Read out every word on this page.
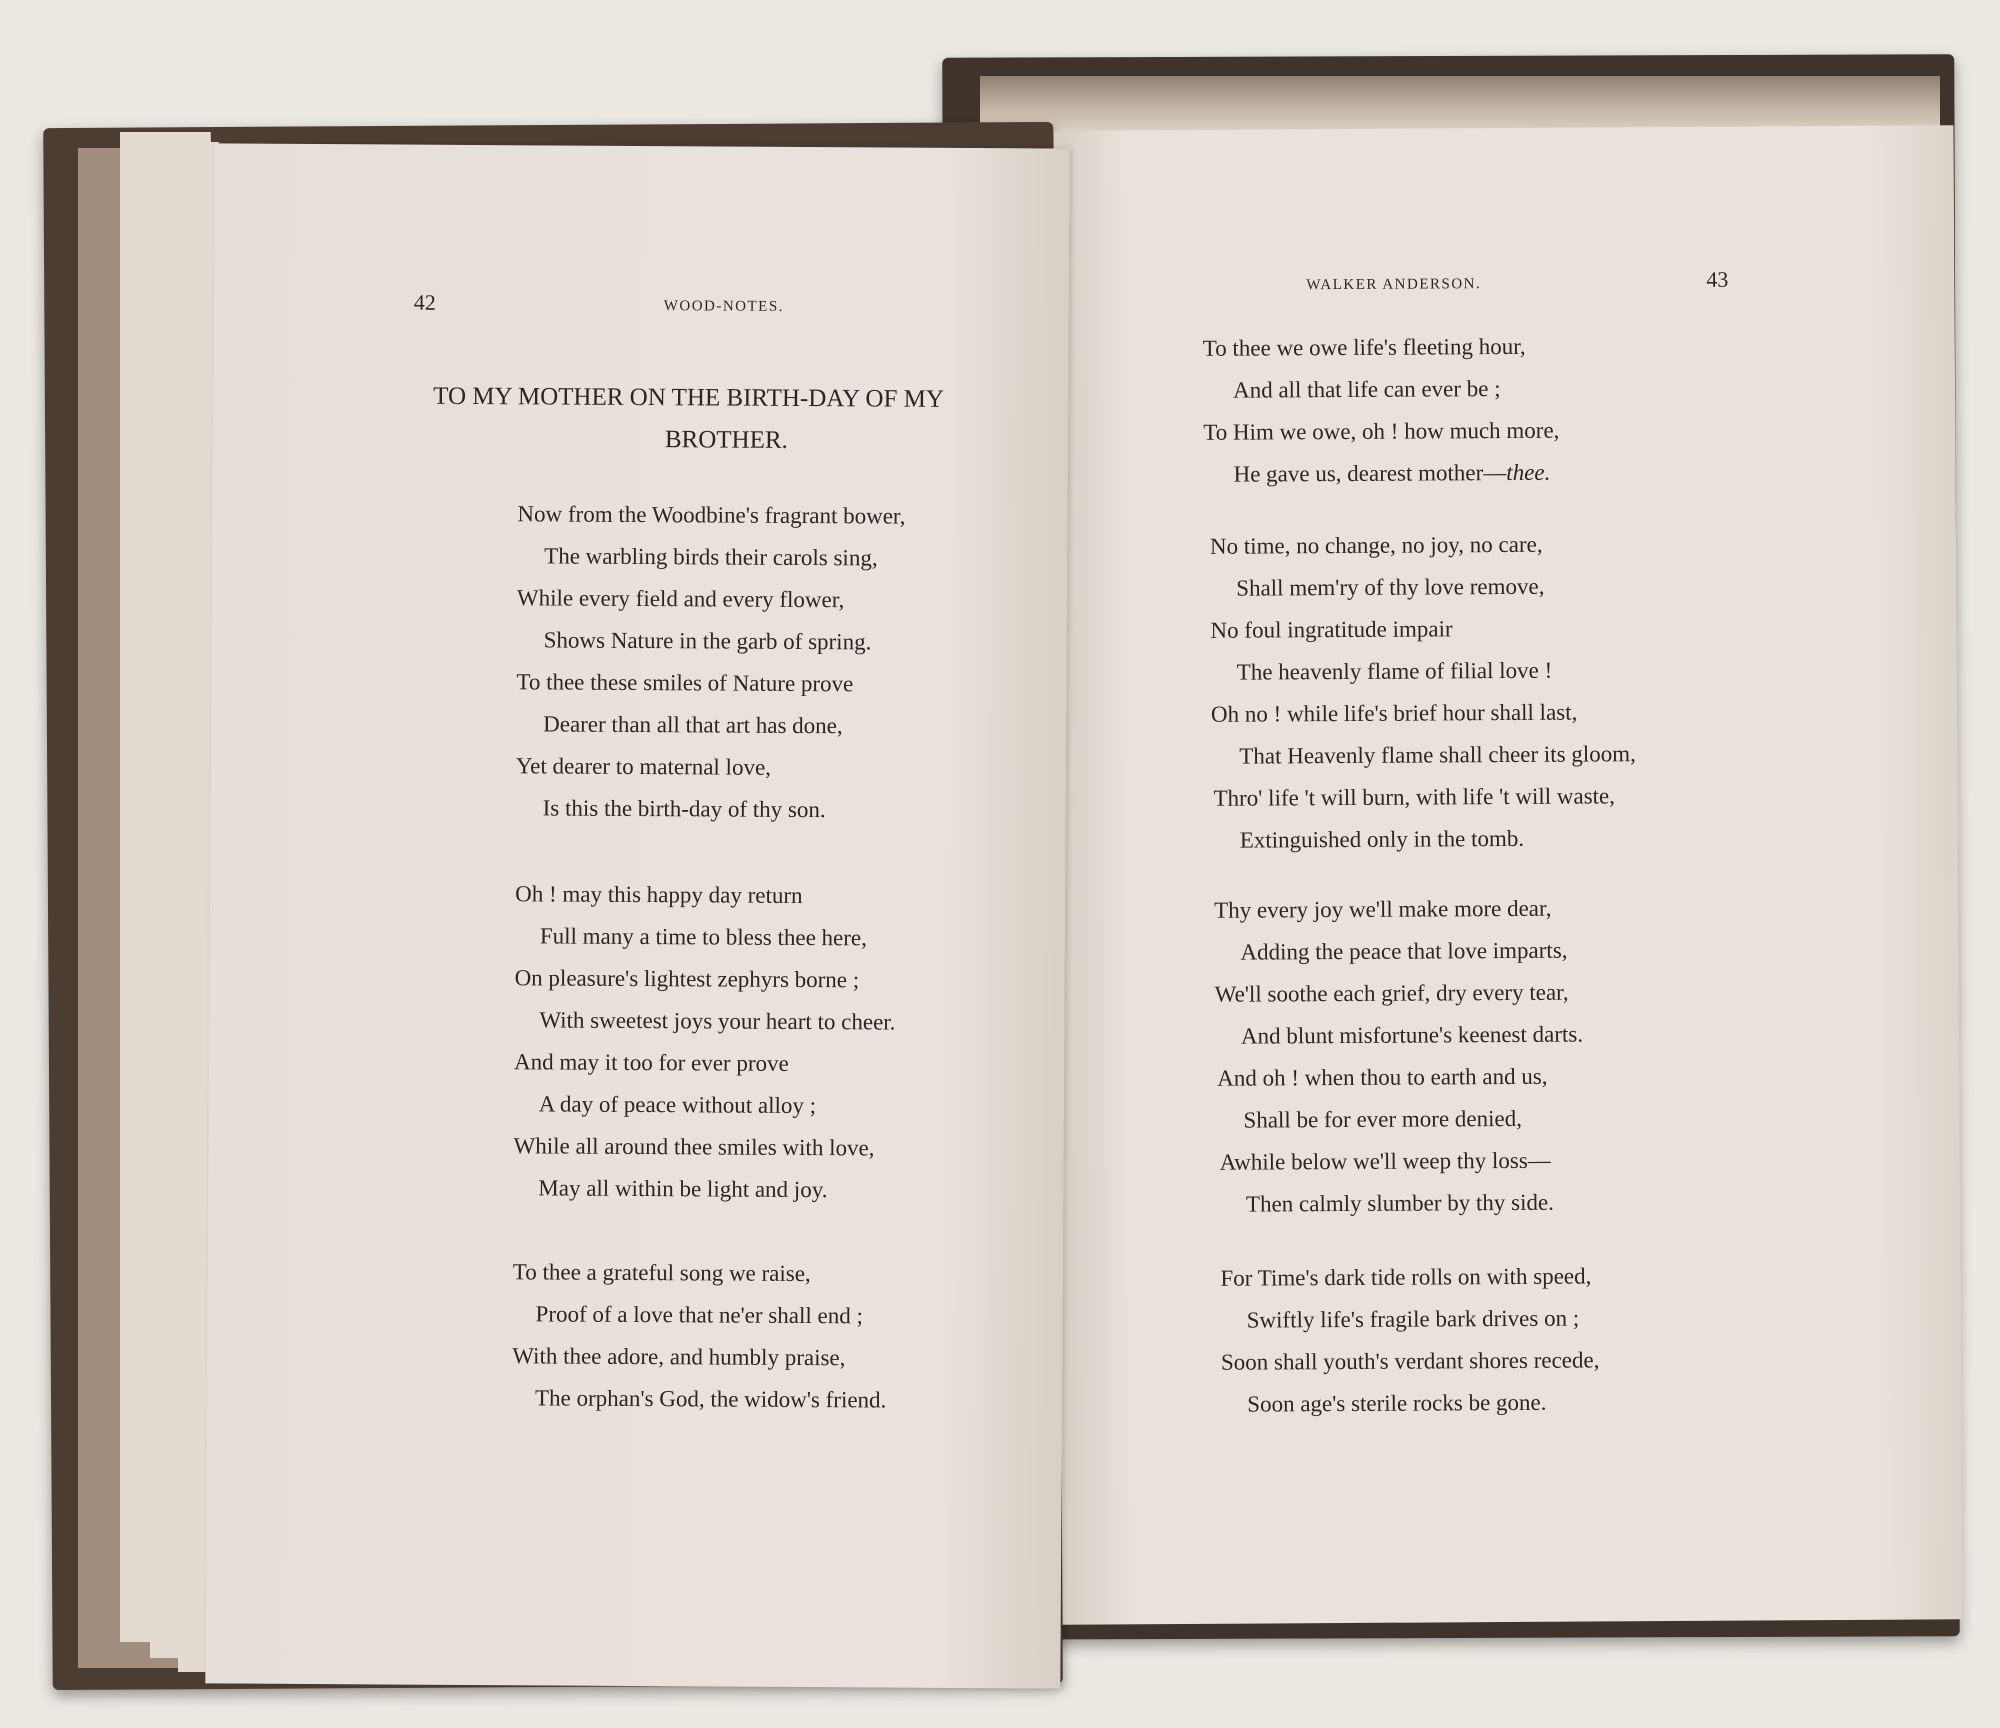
WALKER ANDERSON.	43
To thee we owe life's fleeting hour,
And all that life can ever be ;
To Him we owe, oh ! how much more,
He gave us, dearest mother—thee.
No time, no change, no joy, no care,
Shall mem'ry of thy love remove,
No foul ingratitude impair
The heavenly flame of filial love !
Oh no ! while life's brief hour shall last,
That Heavenly flame shall cheer its gloom,
Thro' life 't will burn, with life 't will waste,
Extinguished only in the tomb.
Thy every joy we'll make more dear,
Adding the peace that love imparts,
We'll soothe each grief, dry every tear,
And blunt misfortune's keenest darts.
And oh ! when thou to earth and us,
Shall be for ever more denied,
Awhile below we'll weep thy loss—
Then calmly slumber by thy side.
For Time's dark tide rolls on with speed,
Swiftly life's fragile bark drives on ;
Soon shall youth's verdant shores recede,
Soon age's sterile rocks be gone.
42	WOOD-NOTES.
TO MY MOTHER ON THE BIRTH-DAY OF MY
BROTHER.
Now from the Woodbine's fragrant bower,
The warbling birds their carols sing,
While every field and every flower,
Shows Nature in the garb of spring.
To thee these smiles of Nature prove
Dearer than all that art has done,
Yet dearer to maternal love,
Is this the birth-day of thy son.
Oh ! may this happy day return
Full many a time to bless thee here,
On pleasure's lightest zephyrs borne ;
With sweetest joys your heart to cheer.
And may it too for ever prove
A day of peace without alloy ;
While all around thee smiles with love,
May all within be light and joy.
To thee a grateful song we raise,
Proof of a love that ne'er shall end ;
With thee adore, and humbly praise,
The orphan's God, the widow's friend.
